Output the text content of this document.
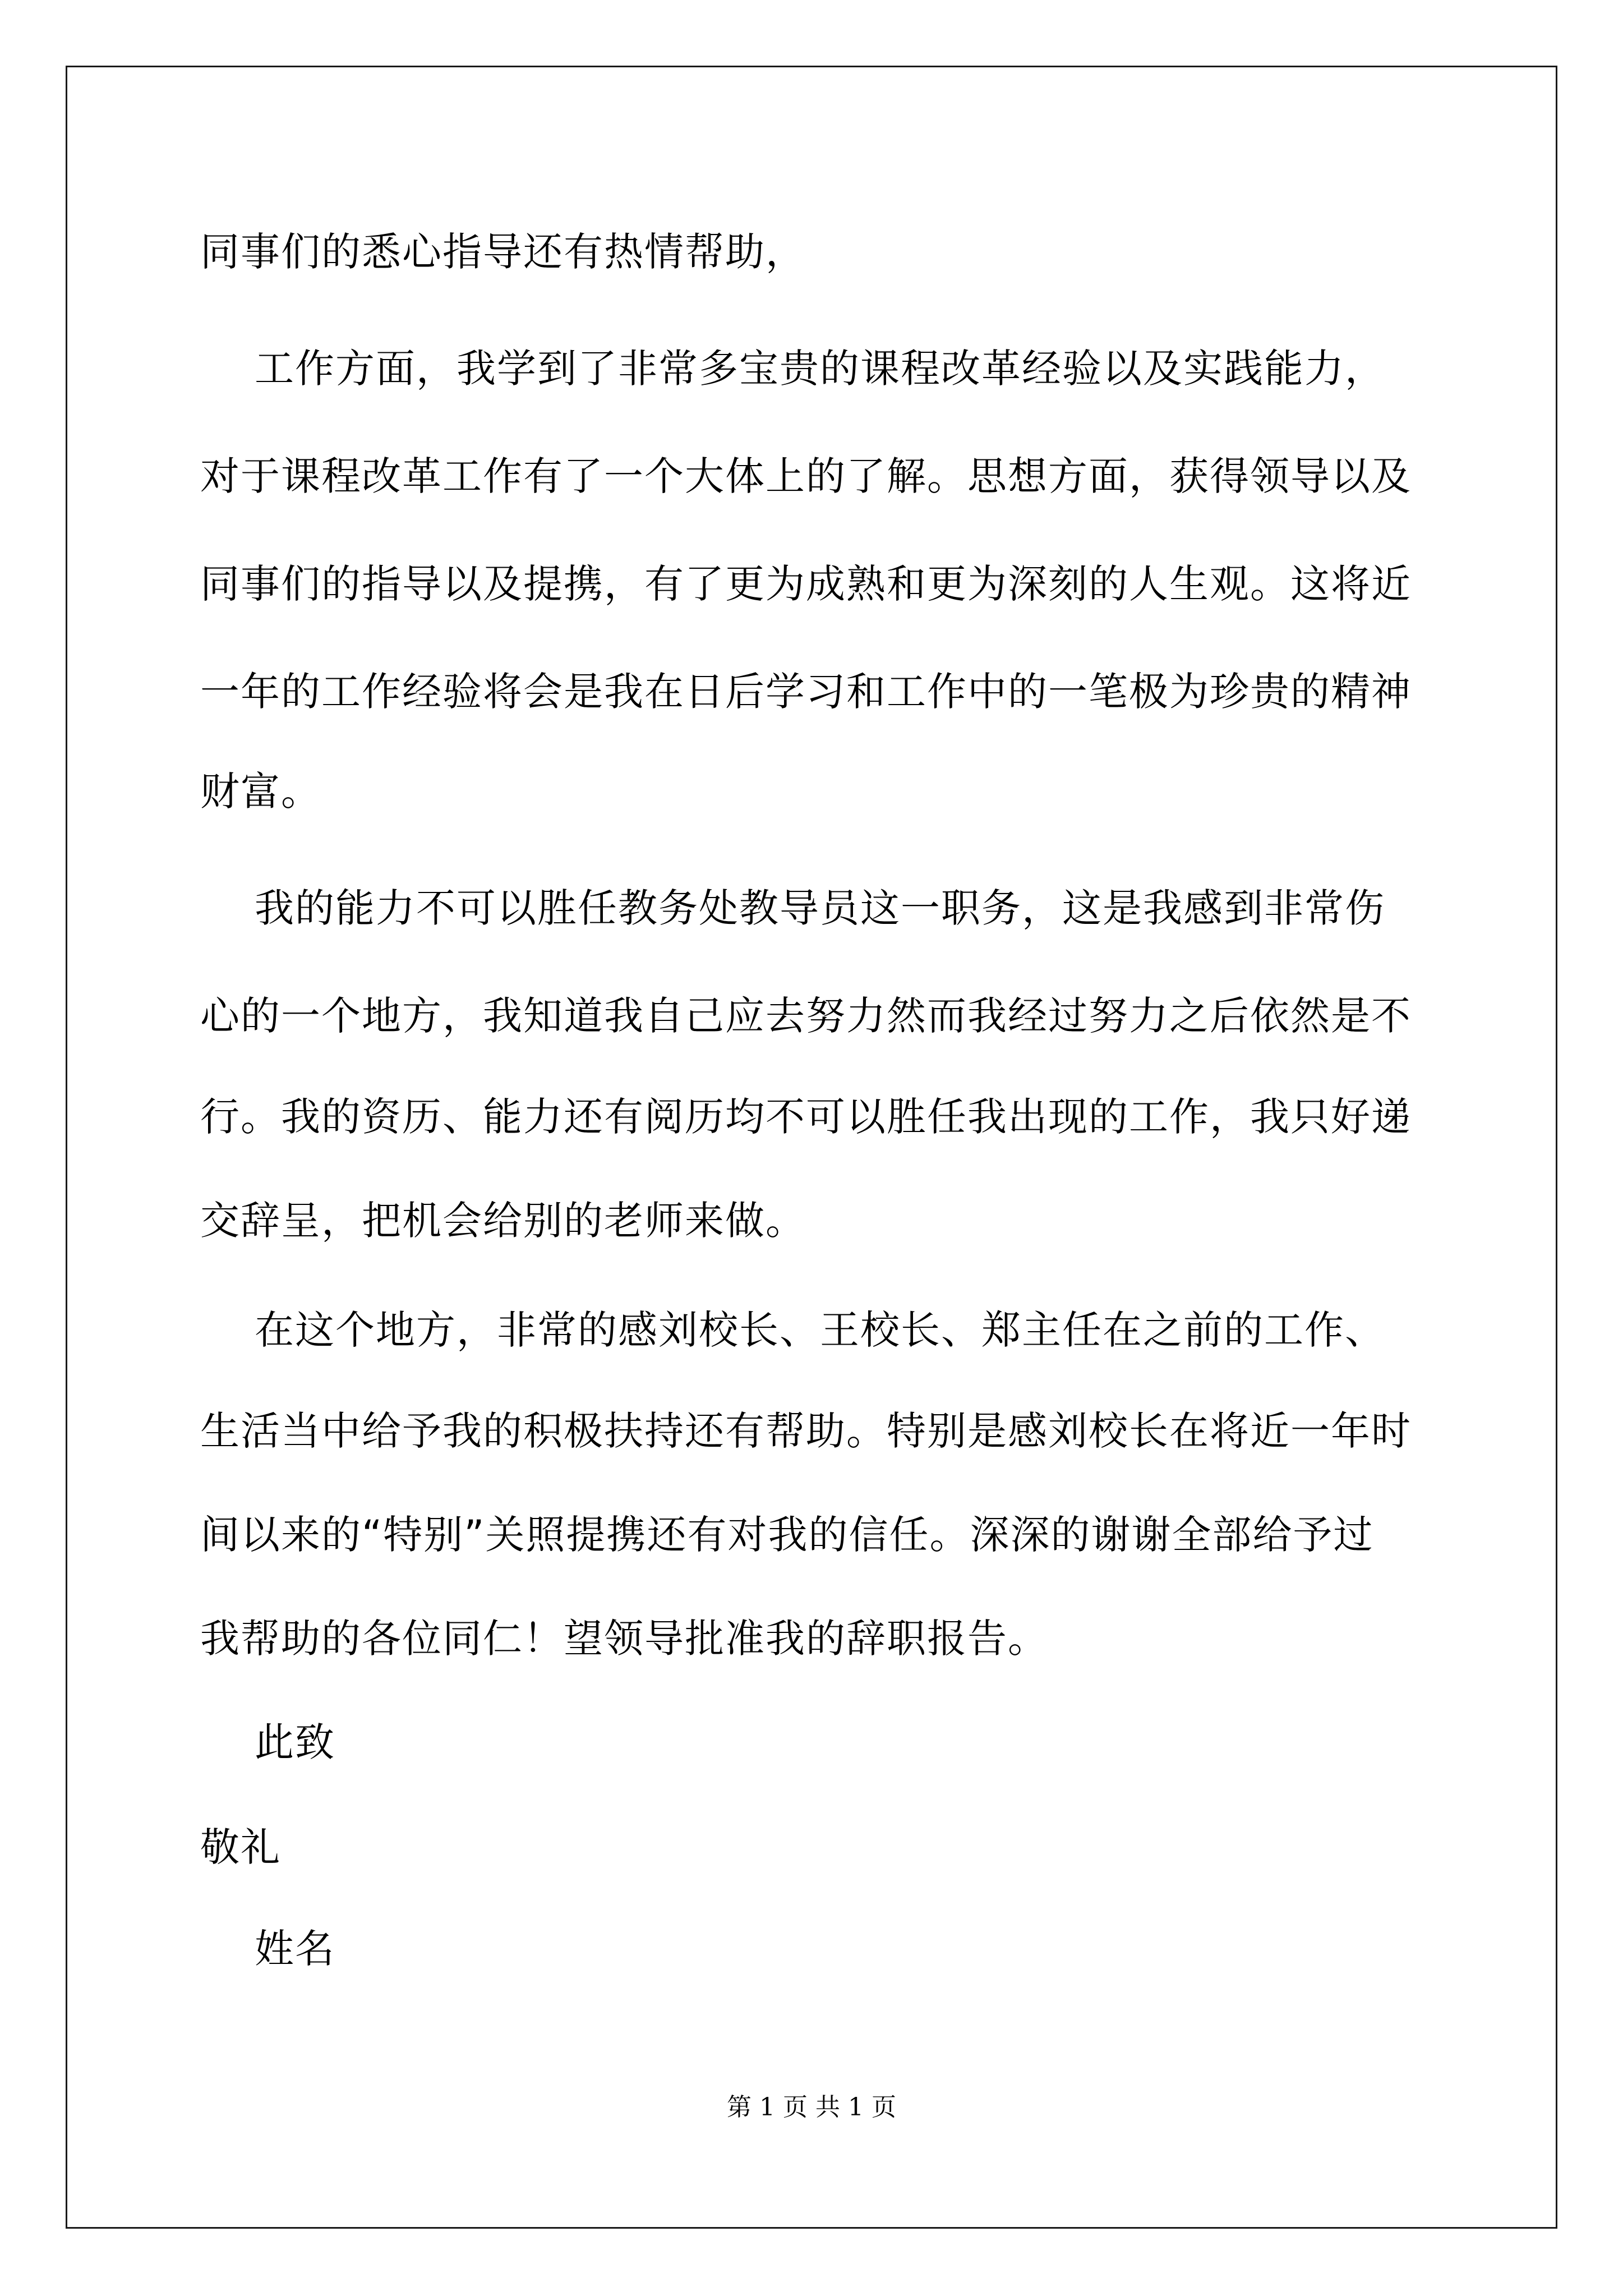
同事们的悉心指导还有热情帮助，

工作方面，我学到了非常多宝贵的课程改革经验以及实践能力，

对于课程改革工作有了一个大体上的了解。思想方面，获得领导以及

同事们的指导以及提携，有了更为成熟和更为深刻的人生观。这将近

一年的工作经验将会是我在日后学习和工作中的一笔极为珍贵的精神

财富。

我的能力不可以胜任教务处教导员这一职务，这是我感到非常伤

心的一个地方，我知道我自己应去努力然而我经过努力之后依然是不

行。我的资历、能力还有阅历均不可以胜任我出现的工作，我只好递

交辞呈，把机会给别的老师来做。

在这个地方，非常的感刘校长、王校长、郑主任在之前的工作、

生活当中给予我的积极扶持还有帮助。特别是感刘校长在将近一年时

间以来的“特别”关照提携还有对我的信任。深深的谢谢全部给予过

我帮助的各位同仁！望领导批准我的辞职报告。

此致

敬礼

姓名

第 1 页 共 1 页
